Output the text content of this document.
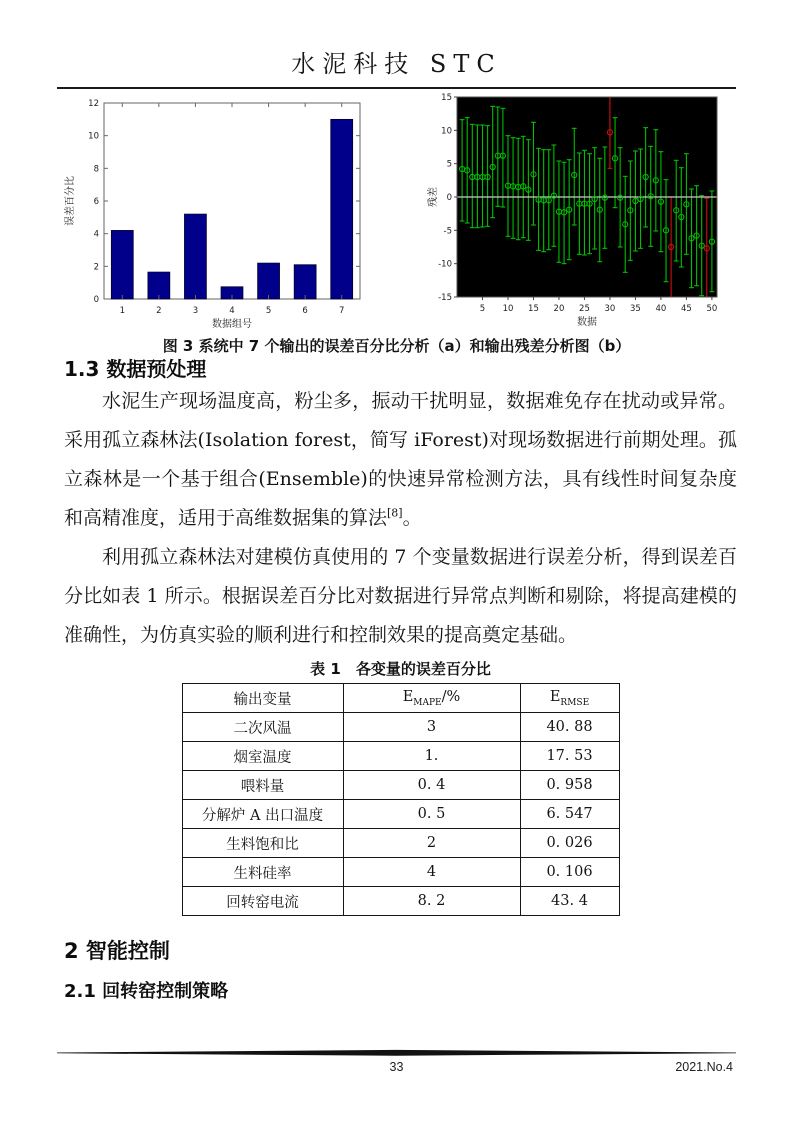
水泥科技 STC
0
2
4
6
8
10
12
1	2	3	4	5	6	7
数据组号
误差百分比
15
10
5
0
-5
-10
-15
5 10 15 20 25 30 35 40 45 50
数据
残差
图 3 系统中 7 个输出的误差百分比分析（a）和输出残差分析图（b）
1.3 数据预处理

水泥生产现场温度高，粉尘多，振动干扰明显，数据难免存在扰动或异常。采用孤立森林法(Isolation forest，简写 iForest)对现场数据进行前期处理。孤立森林是一个基于组合(Ensemble)的快速异常检测方法，具有线性时间复杂度和高精准度，适用于高维数据集的算法[8]。

利用孤立森林法对建模仿真使用的 7 个变量数据进行误差分析，得到误差百分比如表 1 所示。根据误差百分比对数据进行异常点判断和剔除，将提高建模的准确性，为仿真实验的顺利进行和控制效果的提高奠定基础。

表 1　各变量的误差百分比
输出变量	$E_{MAPE}/\%$	$E_{RMSE}$
二次风温	3	40. 88
烟室温度	1.	17. 53
喂料量	0. 4	0. 958
分解炉 A 出口温度	0. 5	6. 547
生料饱和比	2	0. 026
生料硅率	4	0. 106
回转窑电流	8. 2	43. 4
2 智能控制
2.1 回转窑控制策略
33	2021.No.4
